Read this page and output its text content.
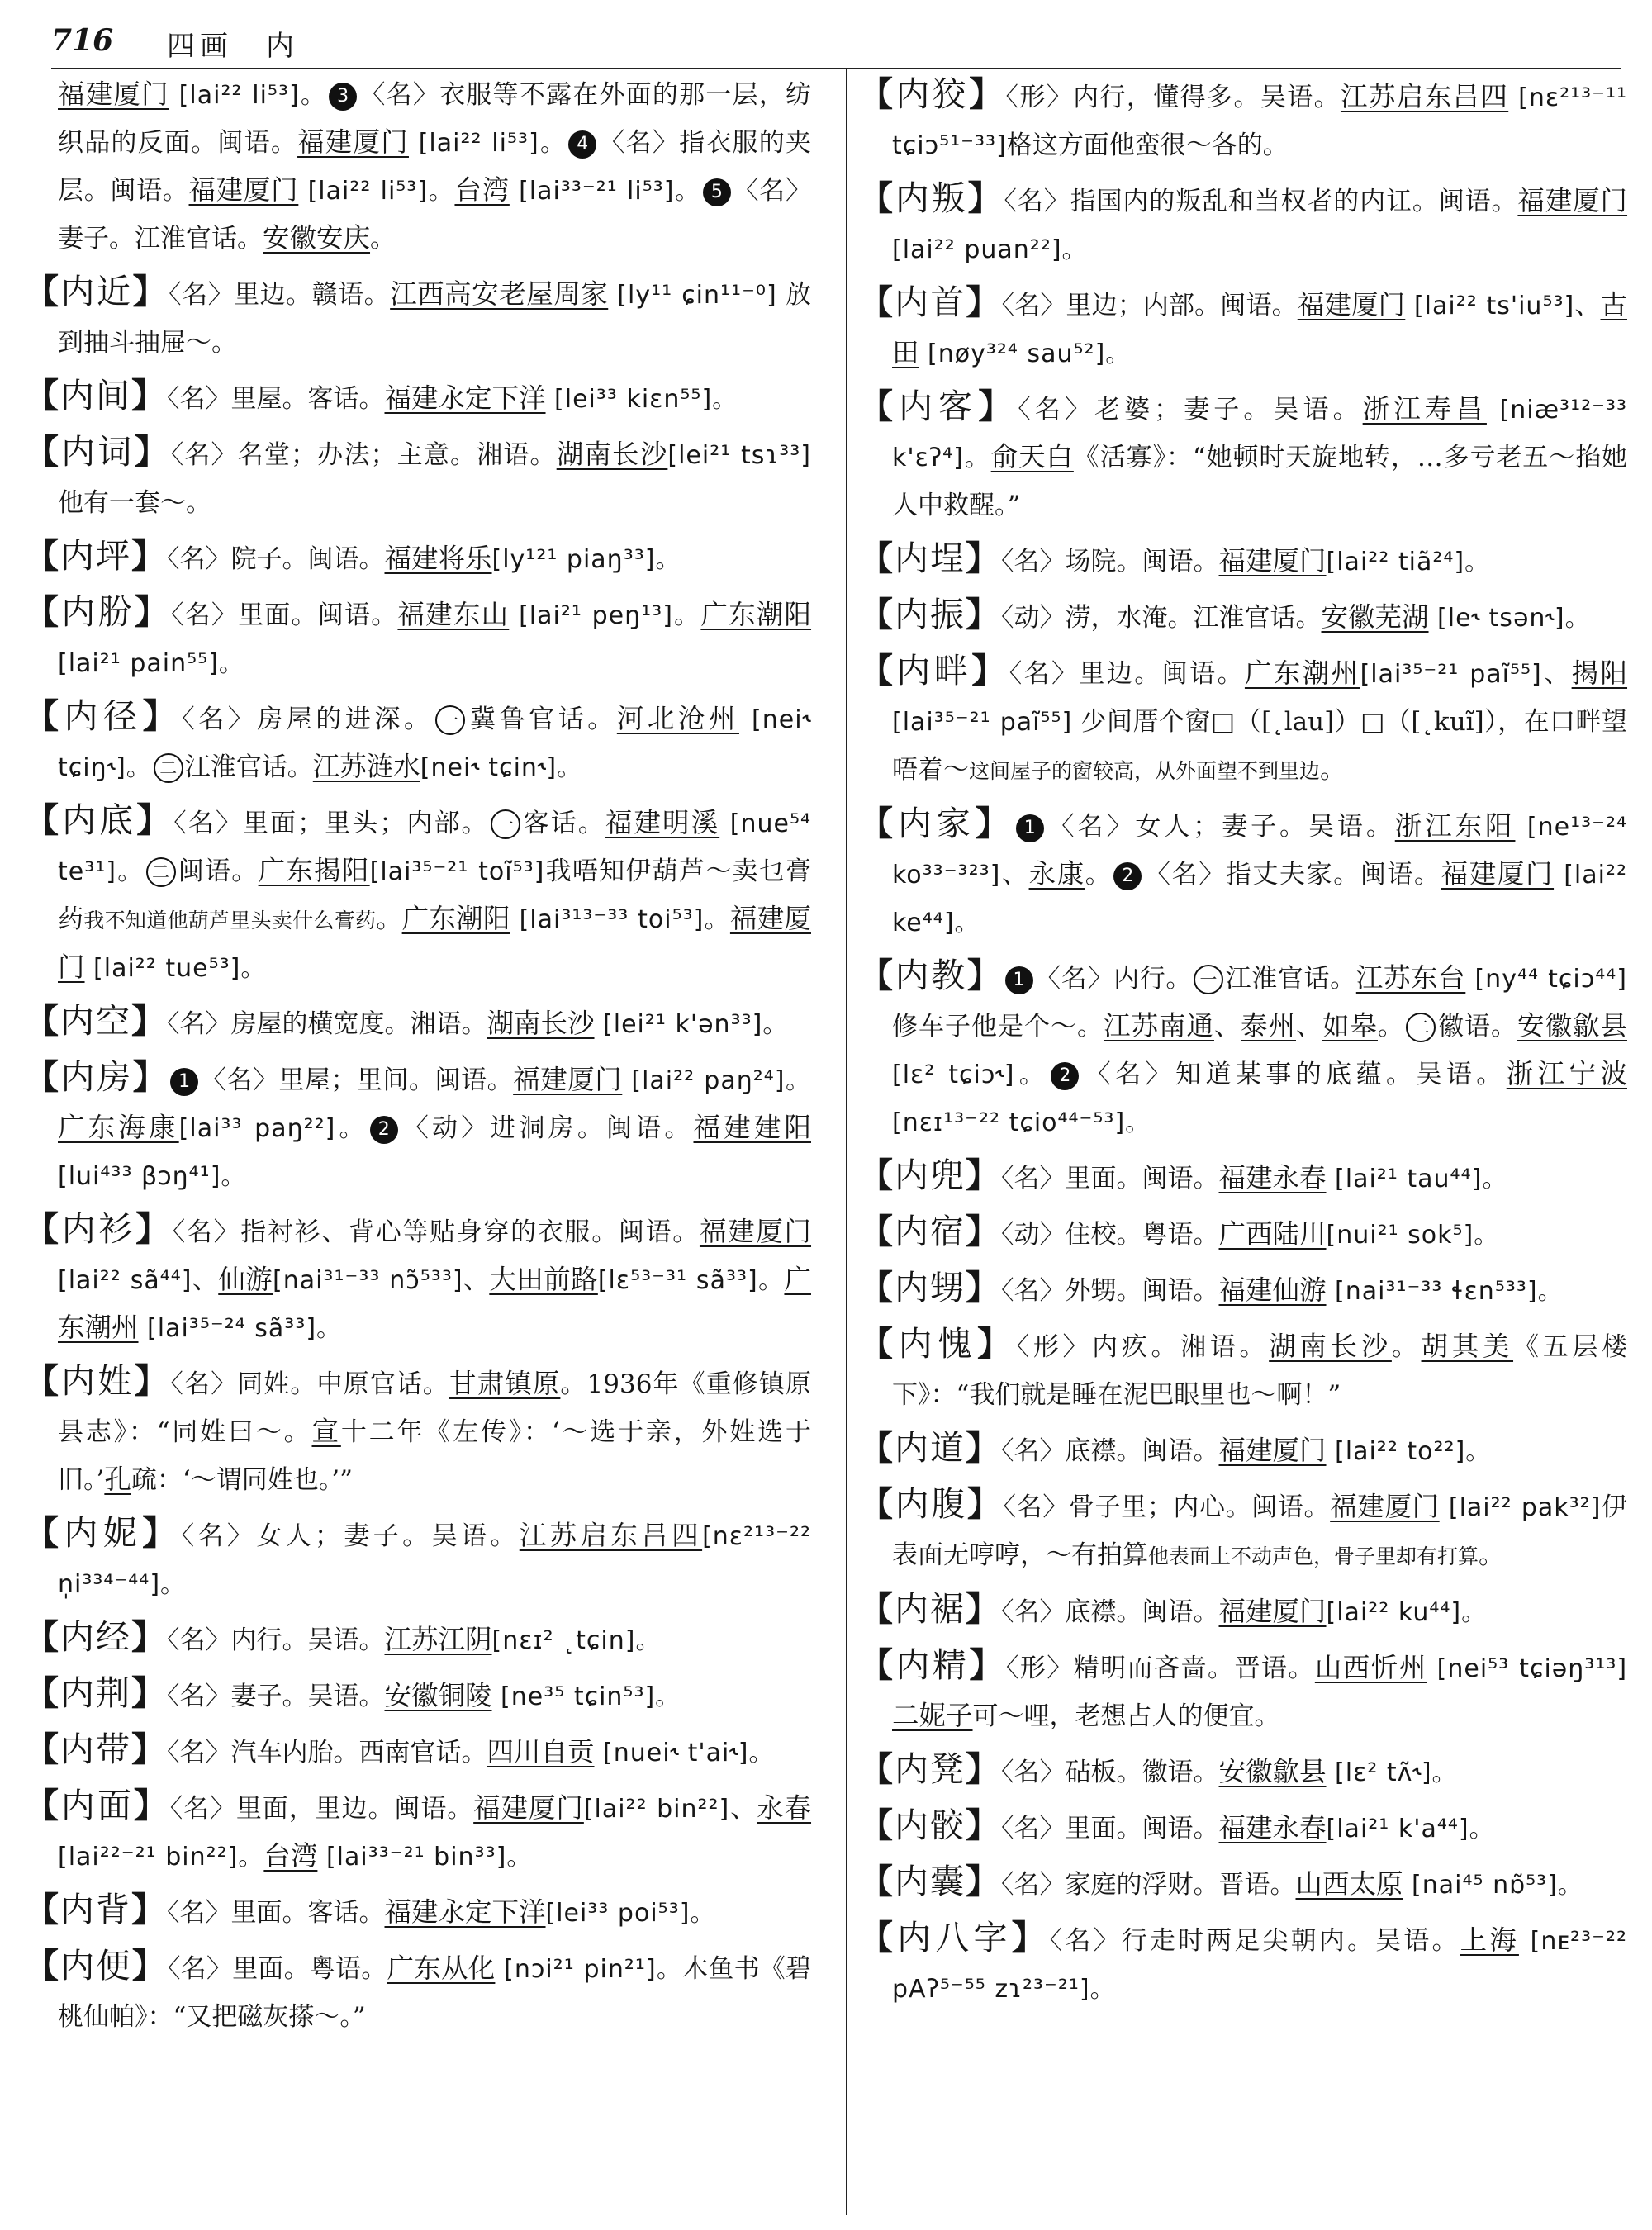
716 四画　内
福建厦门 [lai²² li⁵³]。 3 〈名〉衣服等不露在外面的那一层，纺织品的反面。闽语。福建厦门 [lai²² li⁵³]。 4 〈名〉指衣服的夹层。闽语。福建厦门 [lai²² li⁵³]。台湾 [lai³³⁻²¹ li⁵³]。 5 〈名〉妻子。江淮官话。安徽安庆。
【内近】〈名〉里边。赣语。江西高安老屋周家 [ly¹¹ ɕin¹¹⁻⁰] 放到抽斗抽屉～。
【内间】〈名〉里屋。客话。福建永定下洋 [lei³³ kiɛn⁵⁵]。
【内词】〈名〉名堂；办法；主意。湘语。湖南长沙[lei²¹ tsɿ³³] 他有一套～。
【内坪】〈名〉院子。闽语。福建将乐[ly¹²¹ piaŋ³³]。
【内肦】〈名〉里面。闽语。福建东山 [lai²¹ peŋ¹³]。广东潮阳 [lai²¹ pain⁵⁵]。
【内径】〈名〉房屋的进深。 一 冀鲁官话。河北沧州 [nei˞ tɕiŋ˞]。 二 江淮官话。江苏涟水[nei˞ tɕin˞]。
【内底】〈名〉里面；里头；内部。 一 客话。福建明溪 [nue⁵⁴ te³¹]。 二 闽语。广东揭阳[lai³⁵⁻²¹ toĩ⁵³]我唔知伊葫芦～卖乜膏药我不知道他葫芦里头卖什么膏药。广东潮阳 [lai³¹³⁻³³ toi⁵³]。福建厦门 [lai²² tue⁵³]。
【内空】〈名〉房屋的横宽度。湘语。湖南长沙 [lei²¹ k'ən³³]。
【内房】 1 〈名〉里屋；里间。闽语。福建厦门 [lai²² paŋ²⁴]。广东海康[lai³³ paŋ²²]。 2 〈动〉进洞房。闽语。福建建阳[lui⁴³³ βɔŋ⁴¹]。
【内衫】〈名〉指衬衫、背心等贴身穿的衣服。闽语。福建厦门[lai²² sã⁴⁴]、仙游[nai³¹⁻³³ nɔ̃⁵³³]、大田前路[lɛ⁵³⁻³¹ sã³³]。广东潮州 [lai³⁵⁻²⁴ sã³³]。
【内姓】〈名〉同姓。中原官话。甘肃镇原。1936年《重修镇原县志》：“同姓曰～。宣十二年《左传》：‘～选于亲，外姓选于旧。’孔疏：‘～谓同姓也。’”
【内妮】〈名〉女人；妻子。吴语。江苏启东吕四[nɛ²¹³⁻²² n̩i³³⁴⁻⁴⁴]。
【内经】〈名〉内行。吴语。江苏江阴[nɛɪ² ˛tɕin]。
【内荆】〈名〉妻子。吴语。安徽铜陵 [ne³⁵ tɕin⁵³]。
【内带】〈名〉汽车内胎。西南官话。四川自贡 [nuei˞ t'ai˞]。
【内面】〈名〉里面，里边。闽语。福建厦门[lai²² bin²²]、永春 [lai²²⁻²¹ bin²²]。台湾 [lai³³⁻²¹ bin³³]。
【内背】〈名〉里面。客话。福建永定下洋[lei³³ poi⁵³]。
【内便】〈名〉里面。粤语。广东从化 [nɔi²¹ pin²¹]。木鱼书《碧桃仙帕》：“又把磁灰搽～。”
【内狡】〈形〉内行，懂得多。吴语。江苏启东吕四 [nɛ²¹³⁻¹¹ tɕiɔ⁵¹⁻³³]格这方面他蛮很～各的。
【内叛】〈名〉指国内的叛乱和当权者的内讧。闽语。福建厦门 [lai²² puan²²]。
【内首】〈名〉里边；内部。闽语。福建厦门 [lai²² ts'iu⁵³]、古田 [nøy³²⁴ sau⁵²]。
【内客】〈名〉老婆；妻子。吴语。浙江寿昌 [niæ³¹²⁻³³ k'ɛʔ⁴]。俞天白《活寡》：“她顿时天旋地转，…多亏老五～掐她人中救醒。”
【内埕】〈名〉场院。闽语。福建厦门[lai²² tiã²⁴]。
【内振】〈动〉涝，水淹。江淮官话。安徽芜湖 [le˞ tsən˞]。
【内畔】〈名〉里边。闽语。广东潮州[lai³⁵⁻²¹ paĩ⁵⁵]、揭阳 [lai³⁵⁻²¹ paĩ⁵⁵] 少间厝个窗□（[˛lau]）□（[˛kuĩ]），在口畔望唔着～这间屋子的窗较高，从外面望不到里边。
【内家】 1 〈名〉女人；妻子。吴语。浙江东阳 [ne¹³⁻²⁴ ko³³⁻³²³]、永康。 2 〈名〉指丈夫家。闽语。福建厦门 [lai²² ke⁴⁴]。
【内教】 1 〈名〉内行。 一 江淮官话。江苏东台 [ny⁴⁴ tɕiɔ⁴⁴]修车子他是个～。江苏南通、泰州、如皋。 二 徽语。安徽歙县[lɛ² tɕiɔ˞]。 2 〈名〉知道某事的底蕴。吴语。浙江宁波[nɛɪ¹³⁻²² tɕio⁴⁴⁻⁵³]。
【内兜】〈名〉里面。闽语。福建永春 [lai²¹ tau⁴⁴]。
【内宿】〈动〉住校。粤语。广西陆川[nui²¹ sok⁵]。
【内甥】〈名〉外甥。闽语。福建仙游 [nai³¹⁻³³ ɬɛn⁵³³]。
【内愧】〈形〉内疚。湘语。湖南长沙。胡其美《五层楼下》：“我们就是睡在泥巴眼里也～啊！”
【内道】〈名〉底襟。闽语。福建厦门 [lai²² to²²]。
【内腹】〈名〉骨子里；内心。闽语。福建厦门 [lai²² pak³²]伊表面无哼哼，～有拍算他表面上不动声色，骨子里却有打算。
【内裾】〈名〉底襟。闽语。福建厦门[lai²² ku⁴⁴]。
【内精】〈形〉精明而吝啬。晋语。山西忻州 [nei⁵³ tɕiəŋ³¹³]二妮子可～哩，老想占人的便宜。
【内凳】〈名〉砧板。徽语。安徽歙县 [lɛ² tʌ̃˞]。
【内骹】〈名〉里面。闽语。福建永春[lai²¹ k'a⁴⁴]。
【内囊】〈名〉家庭的浮财。晋语。山西太原 [nai⁴⁵ nɒ̃⁵³]。
【内八字】〈名〉行走时两足尖朝内。吴语。上海 [nᴇ²³⁻²² pAʔ⁵⁻⁵⁵ zɿ²³⁻²¹]。
